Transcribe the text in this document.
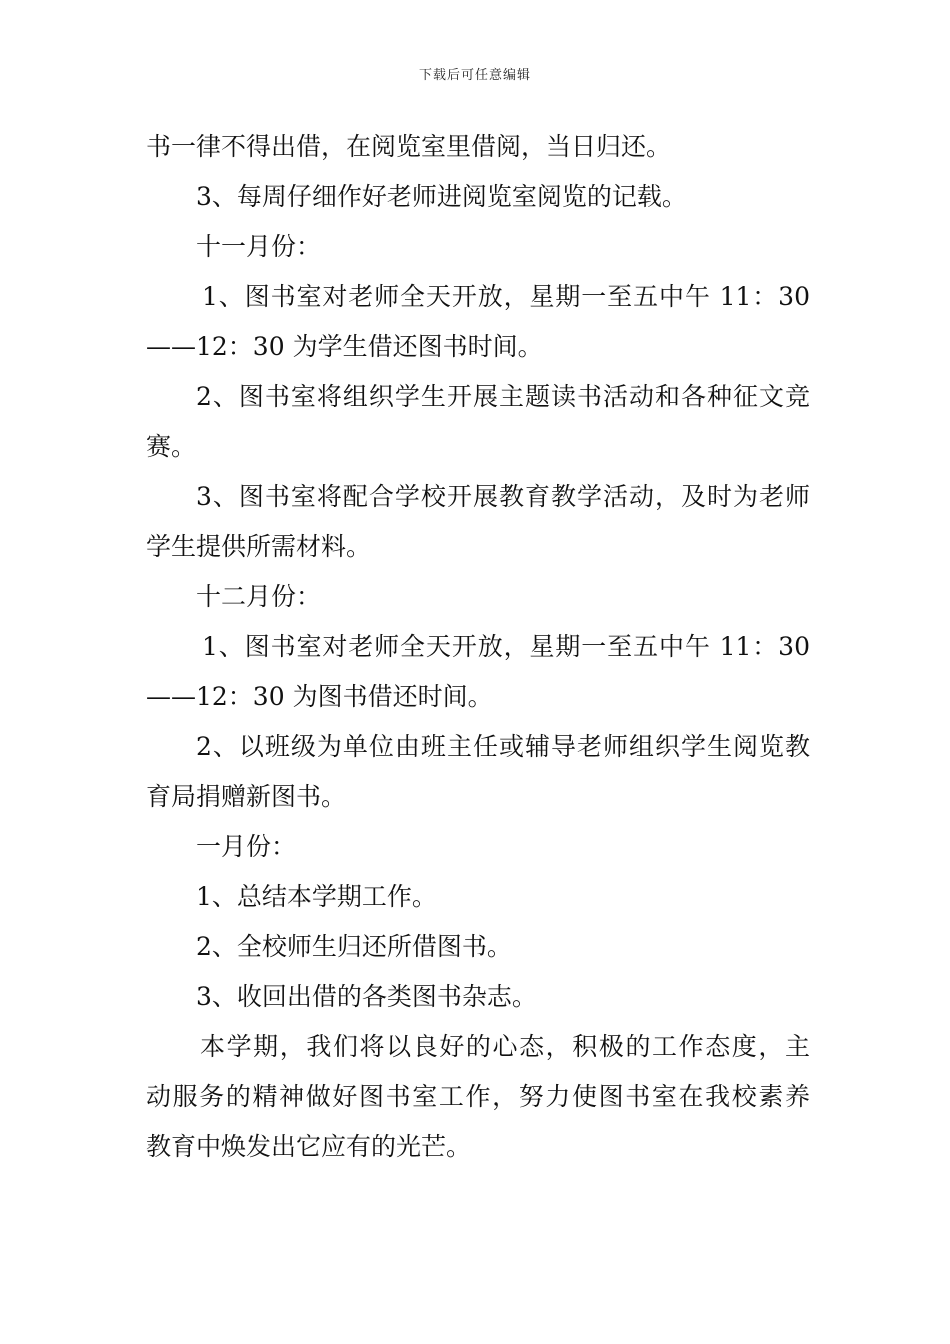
下载后可任意编辑
书一律不得出借，在阅览室里借阅，当日归还。
3、每周仔细作好老师进阅览室阅览的记载。
十一月份：
1、图书室对老师全天开放，星期一至五中午 11：30
——12：30 为学生借还图书时间。
2、图书室将组织学生开展主题读书活动和各种征文竞
赛。
3、图书室将配合学校开展教育教学活动，及时为老师
学生提供所需材料。
十二月份：
1、图书室对老师全天开放，星期一至五中午 11：30
——12：30 为图书借还时间。
2、以班级为单位由班主任或辅导老师组织学生阅览教
育局捐赠新图书。
一月份：
1、总结本学期工作。
2、全校师生归还所借图书。
3、收回出借的各类图书杂志。
本学期，我们将以良好的心态，积极的工作态度，主
动服务的精神做好图书室工作，努力使图书室在我校素养
教育中焕发出它应有的光芒。
